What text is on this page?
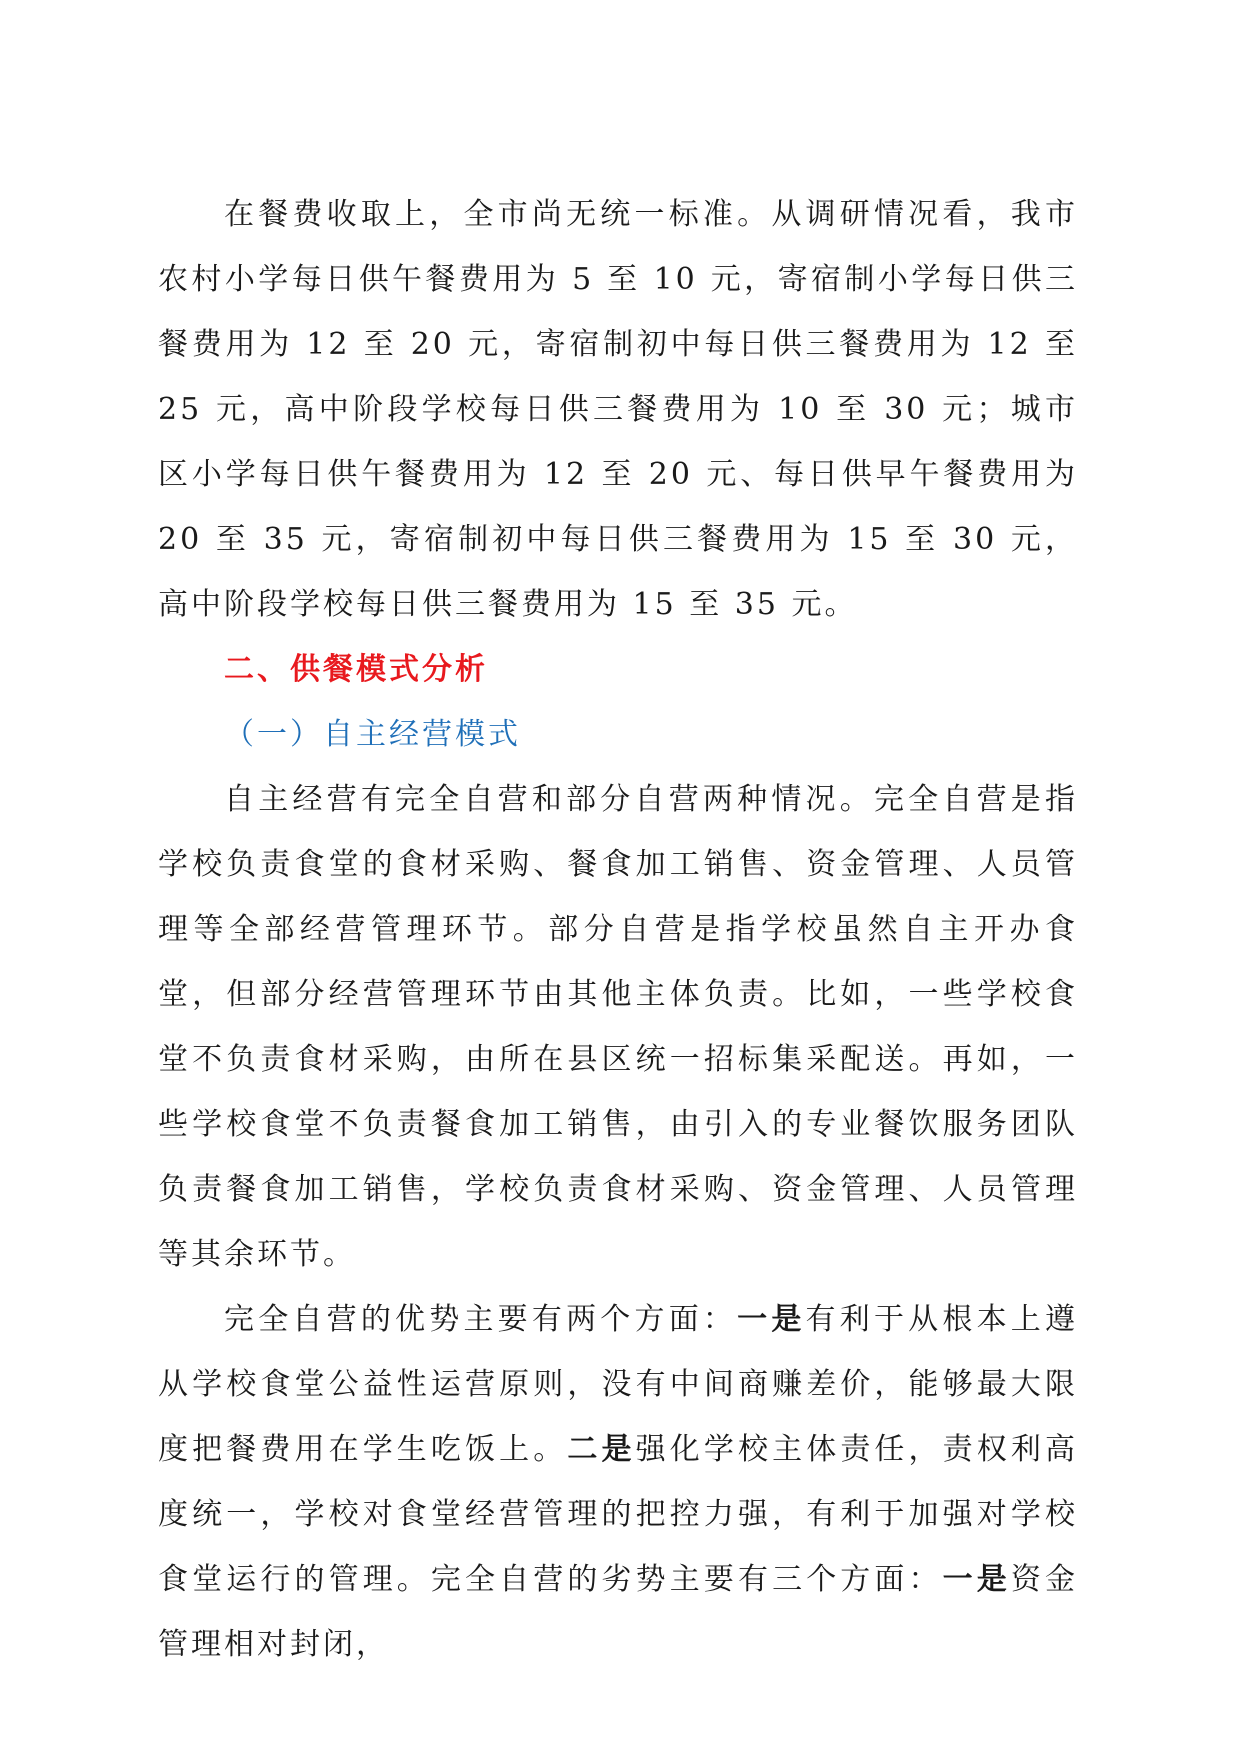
在餐费收取上，全市尚无统一标准。从调研情况看，我市农村小学每日供午餐费用为 5 至 10 元，寄宿制小学每日供三餐费用为 12 至 20 元，寄宿制初中每日供三餐费用为 12 至 25 元，高中阶段学校每日供三餐费用为 10 至 30 元；城市区小学每日供午餐费用为 12 至 20 元、每日供早午餐费用为 20 至 35 元，寄宿制初中每日供三餐费用为 15 至 30 元，高中阶段学校每日供三餐费用为 15 至 35 元。

二、供餐模式分析

（一）自主经营模式

自主经营有完全自营和部分自营两种情况。完全自营是指学校负责食堂的食材采购、餐食加工销售、资金管理、人员管理等全部经营管理环节。部分自营是指学校虽然自主开办食堂，但部分经营管理环节由其他主体负责。比如，一些学校食堂不负责食材采购，由所在县区统一招标集采配送。再如，一些学校食堂不负责餐食加工销售，由引入的专业餐饮服务团队负责餐食加工销售，学校负责食材采购、资金管理、人员管理等其余环节。

完全自营的优势主要有两个方面：一是有利于从根本上遵从学校食堂公益性运营原则，没有中间商赚差价，能够最大限度把餐费用在学生吃饭上。二是强化学校主体责任，责权利高度统一，学校对食堂经营管理的把控力强，有利于加强对学校食堂运行的管理。完全自营的劣势主要有三个方面：一是资金管理相对封闭，
